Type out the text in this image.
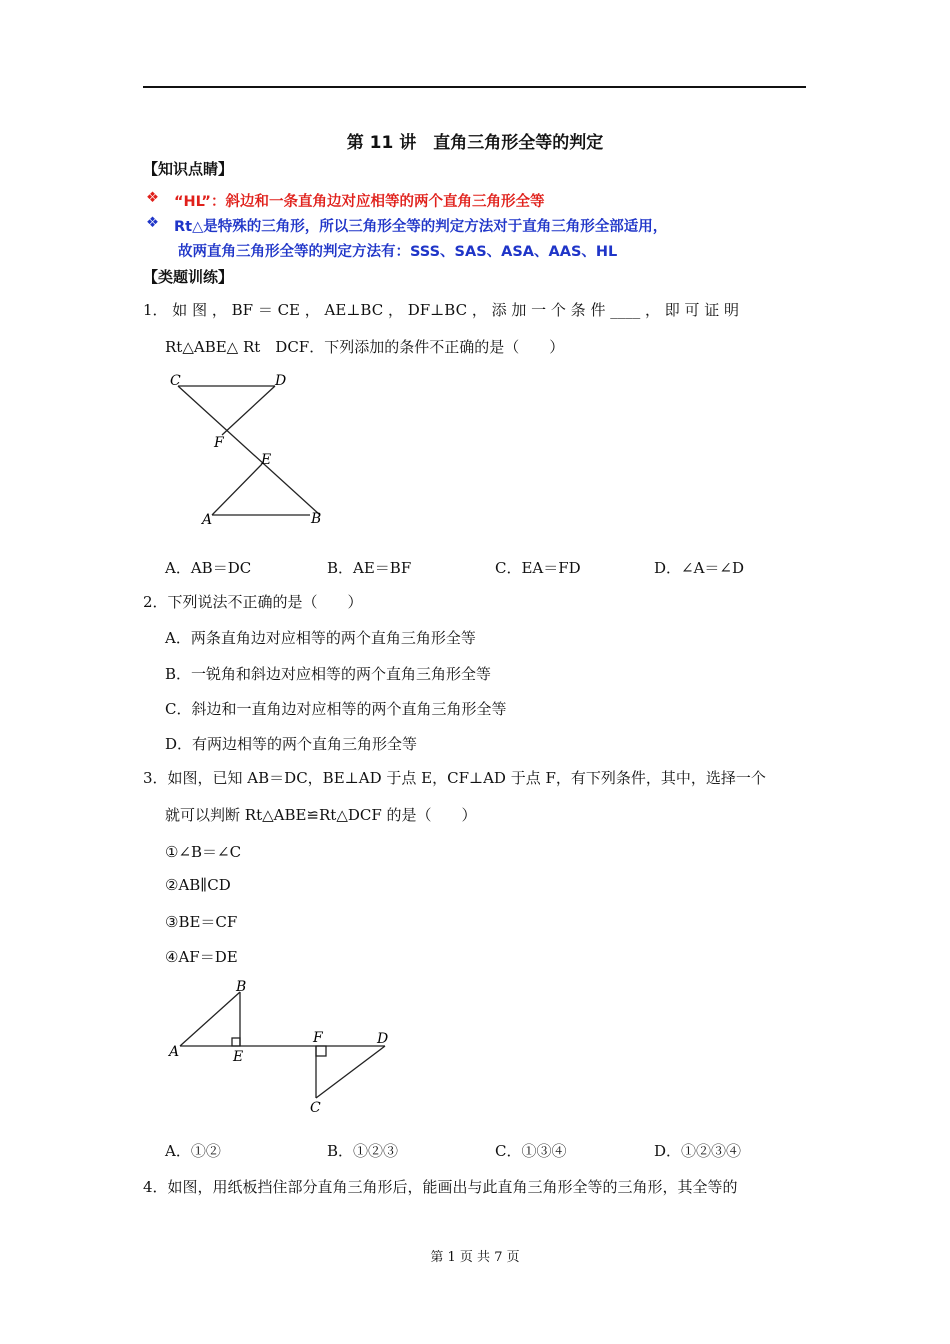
第 11 讲　直角三角形全等的判定
【知识点睛】
❖ “HL”：斜边和一条直角边对应相等的两个直角三角形全等
❖ Rt△是特殊的三角形，所以三角形全等的判定方法对于直角三角形全部适用，
故两直角三角形全等的判定方法有：SSS、SAS、ASA、AAS、HL
【类题训练】
1． 如 图 ， BF ＝ CE ， AE⊥BC ， DF⊥BC ， 添 加 一 个 条 件 ____ ， 即 可 证 明
Rt△ABE△ Rt　DCF．下列添加的条件不正确的是（　　）
C	D
F
E
A	B
A．AB＝DC	B．AE＝BF	C．EA＝FD	D．∠A＝∠D
2．下列说法不正确的是（　　）
A．两条直角边对应相等的两个直角三角形全等
B．一锐角和斜边对应相等的两个直角三角形全等
C．斜边和一直角边对应相等的两个直角三角形全等
D．有两边相等的两个直角三角形全等
3．如图，已知 AB＝DC，BE⊥AD 于点 E，CF⊥AD 于点 F，有下列条件，其中，选择一个
就可以判断 Rt△ABE≌Rt△DCF 的是（　　）
①∠B＝∠C
②AB∥CD
③BE＝CF
④AF＝DE
B
A	E
F	D
C
A．①②	B．①②③	C．①③④	D．①②③④
4．如图，用纸板挡住部分直角三角形后，能画出与此直角三角形全等的三角形，其全等的
第 1 页 共 7 页
